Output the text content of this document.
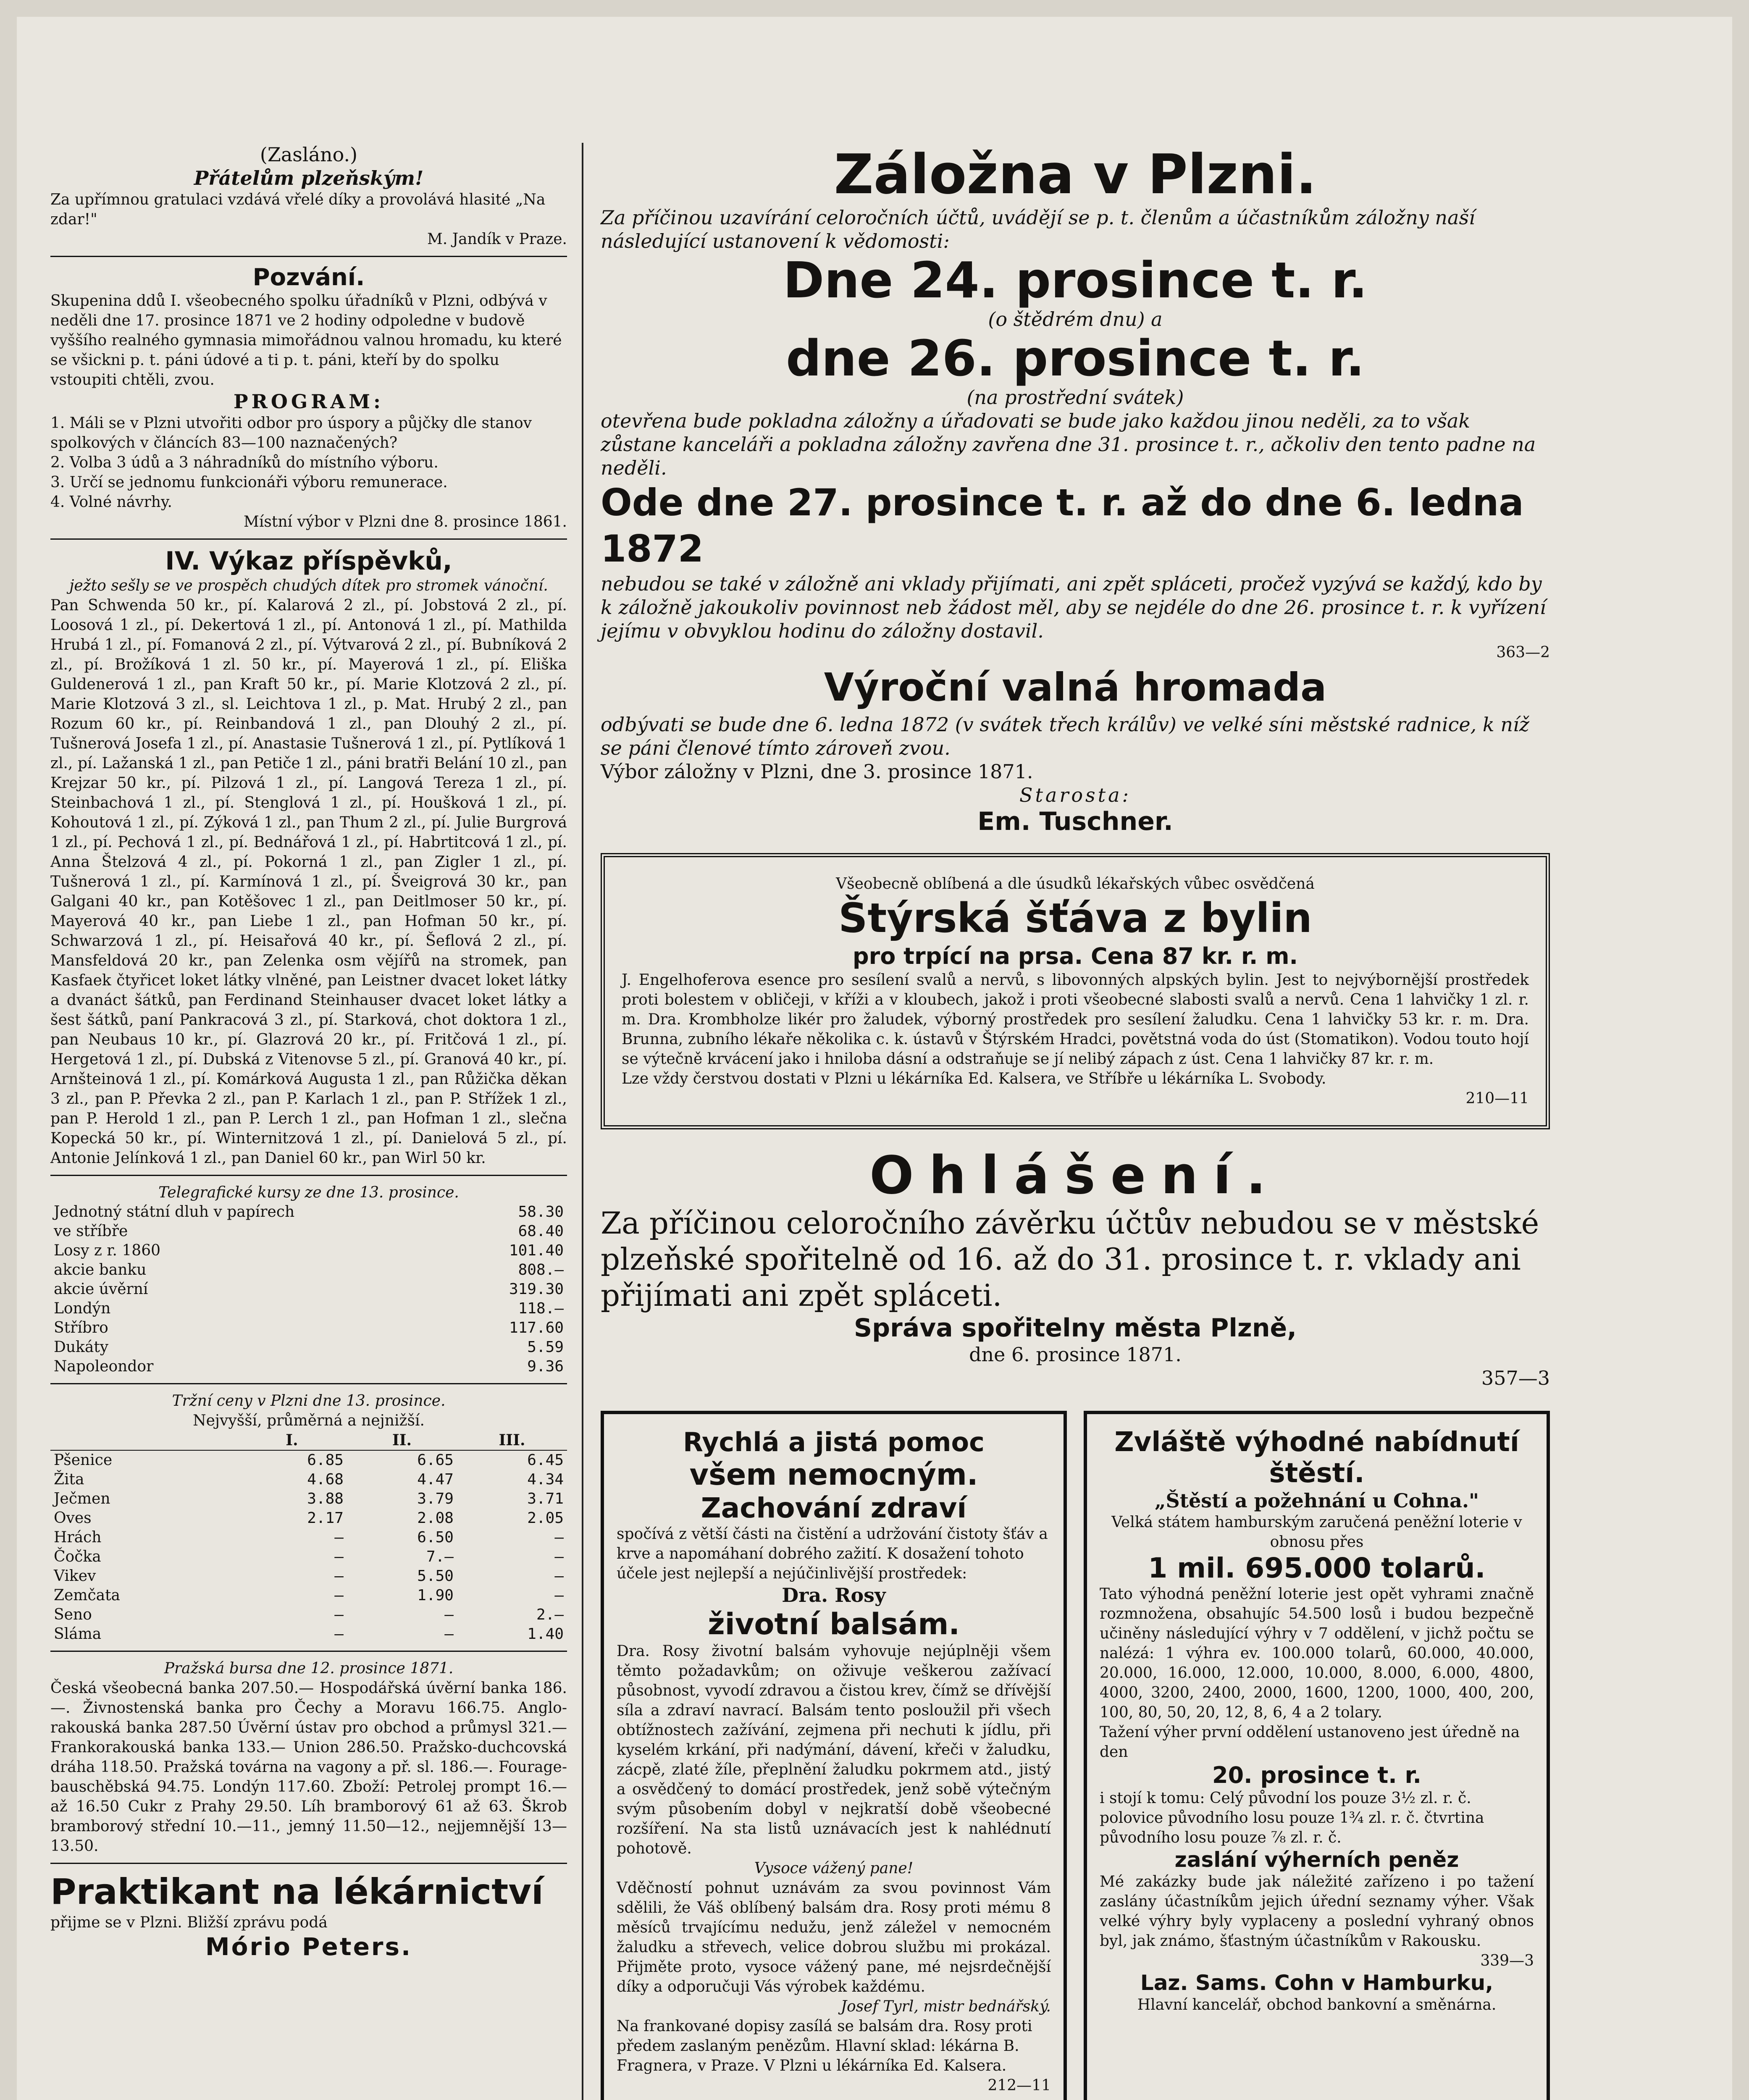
(Zasláno.)

Přátelům plzeňským!

Za upřímnou gratulaci vzdává vřelé díky a provolává hlasité „Na zdar!"

M. Jandík v Praze.

Pozvání.

Skupenina ddů I. všeobecného spolku úřadníků v Plzni, odbývá v neděli dne 17. prosince 1871 ve 2 hodiny odpoledne v budově vyššího realného gymnasia mimořádnou valnou hromadu, ku které se všickni p. t. páni údové a ti p. t. páni, kteří by do spolku vstoupiti chtěli, zvou.

PROGRAM:

1. Máli se v Plzni utvořiti odbor pro úspory a půjčky dle stanov spolkových v článcích 83—100 naznačených?

2. Volba 3 údů a 3 náhradníků do místního výboru.

3. Určí se jednomu funkcionáři výboru remunerace.

4. Volné návrhy.

Místní výbor v Plzni dne 8. prosince 1861.

IV. Výkaz příspěvků,

ježto sešly se ve prospěch chudých dítek pro stromek vánoční.

Pan Schwenda 50 kr., pí. Kalarová 2 zl., pí. Jobstová 2 zl., pí. Loosová 1 zl., pí. Dekertová 1 zl., pí. Antonová 1 zl., pí. Mathilda Hrubá 1 zl., pí. Fomanová 2 zl., pí. Výtvarová 2 zl., pí. Bubníková 2 zl., pí. Brožíková 1 zl. 50 kr., pí. Mayerová 1 zl., pí. Eliška Guldenerová 1 zl., pan Kraft 50 kr., pí. Marie Klotzová 2 zl., pí. Marie Klotzová 3 zl., sl. Leichtova 1 zl., p. Mat. Hrubý 2 zl., pan Rozum 60 kr., pí. Reinbandová 1 zl., pan Dlouhý 2 zl., pí. Tušnerová Josefa 1 zl., pí. Anastasie Tušnerová 1 zl., pí. Pytlíková 1 zl., pí. Lažanská 1 zl., pan Petiče 1 zl., páni bratři Belání 10 zl., pan Krejzar 50 kr., pí. Pilzová 1 zl., pí. Langová Tereza 1 zl., pí. Steinbachová 1 zl., pí. Stenglová 1 zl., pí. Houšková 1 zl., pí. Kohoutová 1 zl., pí. Zýková 1 zl., pan Thum 2 zl., pí. Julie Burgrová 1 zl., pí. Pechová 1 zl., pí. Bednářová 1 zl., pí. Habrtitcová 1 zl., pí. Anna Štelzová 4 zl., pí. Pokorná 1 zl., pan Zigler 1 zl., pí. Tušnerová 1 zl., pí. Karmínová 1 zl., pí. Šveigrová 30 kr., pan Galgani 40 kr., pan Kotěšovec 1 zl., pan Deitlmoser 50 kr., pí. Mayerová 40 kr., pan Liebe 1 zl., pan Hofman 50 kr., pí. Schwarzová 1 zl., pí. Heisařová 40 kr., pí. Šeflová 2 zl., pí. Mansfeldová 20 kr., pan Zelenka osm vějířů na stromek, pan Kasfaek čtyřicet loket látky vlněné, pan Leistner dvacet loket látky a dvanáct šátků, pan Ferdinand Steinhauser dvacet loket látky a šest šátků, paní Pankracová 3 zl., pí. Starková, chot doktora 1 zl., pan Neubaus 10 kr., pí. Glazrová 20 kr., pí. Fritčová 1 zl., pí. Hergetová 1 zl., pí. Dubská z Vitenovse 5 zl., pí. Granová 40 kr., pí. Arnšteinová 1 zl., pí. Komárková Augusta 1 zl., pan Růžička děkan 3 zl., pan P. Převka 2 zl., pan P. Karlach 1 zl., pan P. Střížek 1 zl., pan P. Herold 1 zl., pan P. Lerch 1 zl., pan Hofman 1 zl., slečna Kopecká 50 kr., pí. Winternitzová 1 zl., pí. Danielová 5 zl., pí. Antonie Jelínková 1 zl., pan Daniel 60 kr., pan Wirl 50 kr.

Telegrafické kursy ze dne 13. prosince.

Jednotný státní dluh v papírech	58.30
ve stříbře	68.40
Losy z r. 1860	101.40
akcie banku	808.—
akcie úvěrní	319.30
Londýn	118.—
Stříbro	117.60
Dukáty	5.59
Napoleondor	9.36

Tržní ceny v Plzni dne 13. prosince.

Nejvyšší, průměrná a nejnižší.

	I.	II.	III.
Pšenice	6.85	6.65	6.45
Žita	4.68	4.47	4.34
Ječmen	3.88	3.79	3.71
Oves	2.17	2.08	2.05
Hrách	—	6.50	—
Čočka	—	7.—	—
Vikev	—	5.50	—
Zemčata	—	1.90	—
Seno	—	—	2.—
Sláma	—	—	1.40

Pražská bursa dne 12. prosince 1871.

Česká všeobecná banka 207.50.— Hospodářská úvěrní banka 186.—. Živnostenská banka pro Čechy a Moravu 166.75. Anglo-rakouská banka 287.50 Úvěrní ústav pro obchod a průmysl 321.— Frankorakouská banka 133.— Union 286.50. Pražsko-duchcovská dráha 118.50. Pražská továrna na vagony a př. sl. 186.—. Fourage-bauschěbská 94.75. Londýn 117.60. Zboží: Petrolej prompt 16.— až 16.50 Cukr z Prahy 29.50. Líh bramborový 61 až 63. Škrob bramborový střední 10.—11., jemný 11.50—12., nejjemnější 13—13.50.

Praktikant na lékárnictví

přijme se v Plzni. Bližší zprávu podá

Mório Peters.

Záložna v Plzni.

Za příčinou uzavírání celoročních účtů, uvádějí se p. t. členům a účastníkům záložny naší následující ustanovení k vědomosti:

Dne 24. prosince t. r.

(o štědrém dnu) a

dne 26. prosince t. r.

(na prostřední svátek)

otevřena bude pokladna záložny a úřadovati se bude jako každou jinou neděli, za to však zůstane kanceláři a pokladna záložny zavřena dne 31. prosince t. r., ačkoliv den tento padne na neděli.

Ode dne 27. prosince t. r. až do dne 6. ledna 1872

nebudou se také v záložně ani vklady přijímati, ani zpět spláceti, pročež vyzývá se každý, kdo by k záložně jakoukoliv povinnost neb žádost měl, aby se nejdéle do dne 26. prosince t. r. k vyřízení jejímu v obvyklou hodinu do záložny dostavil.

363—2

Výroční valná hromada

odbývati se bude dne 6. ledna 1872 (v svátek třech králův) ve velké síni městské radnice, k níž se páni členové tímto zároveň zvou.

Výbor záložny v Plzni, dne 3. prosince 1871.

Starosta:

Em. Tuschner.

Všeobecně oblíbená a dle úsudků lékařských vůbec osvědčená

Štýrská šťáva z bylin

pro trpící na prsa. Cena 87 kr. r. m.

J. Engelhoferova esence pro sesílení svalů a nervů, s libovonných alpských bylin. Jest to nejvýbornější prostředek proti bolestem v obličeji, v kříži a v kloubech, jakož i proti všeobecné slabosti svalů a nervů. Cena 1 lahvičky 1 zl. r. m. Dra. Krombholze likér pro žaludek, výborný prostředek pro sesílení žaludku. Cena 1 lahvičky 53 kr. r. m. Dra. Brunna, zubního lékaře několika c. k. ústavů v Štýrském Hradci, povětstná voda do úst (Stomatikon). Vodou touto hojí se výtečně krvácení jako i hniloba dásní a odstraňuje se jí nelibý zápach z úst. Cena 1 lahvičky 87 kr. r. m.

Lze vždy čerstvou dostati v Plzni u lékárníka Ed. Kalsera, ve Stříbře u lékárníka L. Svobody.

210—11

Ohlášení.

Za příčinou celoročního závěrku účtův nebudou se v městské plzeňské spořitelně od 16. až do 31. prosince t. r. vklady ani přijímati ani zpět spláceti.

Správa spořitelny města Plzně,

dne 6. prosince 1871.

357—3

Rychlá a jistá pomoc

všem nemocným.

Zachování zdraví

spočívá z větší části na čistění a udržování čistoty šťáv a krve a napomáhaní dobrého zažití. K dosažení tohoto účele jest nejlepší a nejúčinlivější prostředek:

Dra. Rosy

životní balsám.

Dra. Rosy životní balsám vyhovuje nejúplněji všem těmto požadavkům; on oživuje veškerou zažívací působnost, vyvodí zdravou a čistou krev, čímž se dřívější síla a zdraví navrací. Balsám tento posloužil při všech obtížnostech zažívání, zejmena při nechuti k jídlu, při kyselém krkání, při nadýmání, dávení, křeči v žaludku, zácpě, zlaté žíle, přeplnění žaludku pokrmem atd., jistý a osvědčený to domácí prostředek, jenž sobě výtečným svým působením dobyl v nejkratší době všeobecné rozšíření. Na sta listů uznávacích jest k nahlédnutí pohotově.

Vysoce vážený pane!

Vděčností pohnut uznávám za svou povinnost Vám sdělili, že Váš oblíbený balsám dra. Rosy proti mému 8 měsíců trvajícímu nedužu, jenž záležel v nemocném žaludku a střevech, velice dobrou službu mi prokázal. Přijměte proto, vysoce vážený pane, mé nejsrdečnější díky a odporučuji Vás výrobek každému.

Josef Tyrl, mistr bednářský.

Na frankované dopisy zasílá se balsám dra. Rosy proti předem zaslaným penězům. Hlavní sklad: lékárna B. Fragnera, v Praze. V Plzni u lékárníka Ed. Kalsera.

212—11

Zvláště výhodné nabídnutí

štěstí.

„Štěstí a požehnání u Cohna."

Velká státem hamburským zaručená peněžní loterie v obnosu přes

1 mil. 695.000 tolarů.

Tato výhodná peněžní loterie jest opět vyhrami značně rozmnožena, obsahujíc 54.500 losů i budou bezpečně učiněny následující výhry v 7 oddělení, v jichž počtu se nalézá: 1 výhra ev. 100.000 tolarů, 60.000, 40.000, 20.000, 16.000, 12.000, 10.000, 8.000, 6.000, 4800, 4000, 3200, 2400, 2000, 1600, 1200, 1000, 400, 200, 100, 80, 50, 20, 12, 8, 6, 4 a 2 tolary.

Tažení výher první oddělení ustanoveno jest úředně na den

20. prosince t. r.

i stojí k tomu: Celý původní los pouze 3½ zl. r. č. polovice původního losu pouze 1¾ zl. r. č. čtvrtina původního losu pouze ⅞ zl. r. č.

zaslání výherních peněz

Mé zakázky bude jak náležité zařízeno i po tažení zaslány účastníkům jejich úřední seznamy výher. Však velké výhry byly vyplaceny a poslední vyhraný obnos byl, jak známo, šťastným účastníkům v Rakousku.

339—3

Laz. Sams. Cohn v Hamburku,

Hlavní kancelář, obchod bankovní a směnárna.
